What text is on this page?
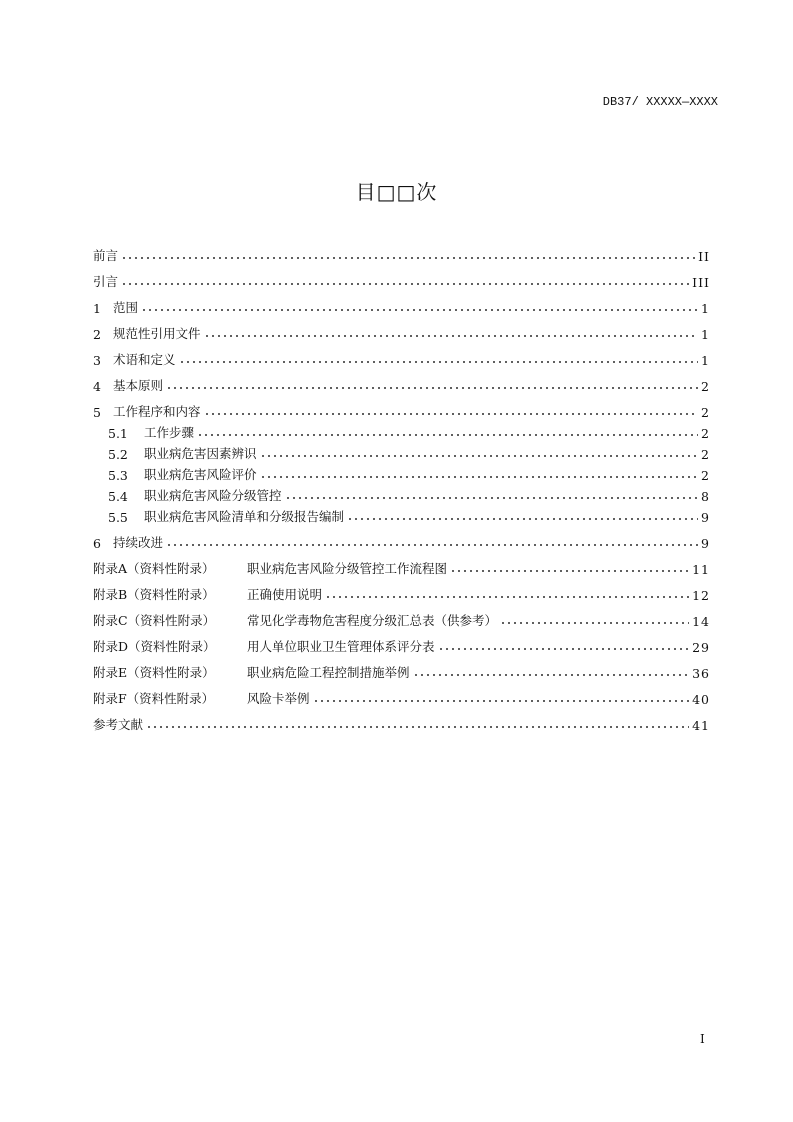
DB37/ XXXXX—XXXX
目□□次
前言	II
引言	III
1 范围	1
2 规范性引用文件	1
3 术语和定义	1
4 基本原则	2
5 工作程序和内容	2
5.1	工作步骤	2
5.2	职业病危害因素辨识	2
5.3	职业病危害风险评价	2
5.4	职业病危害风险分级管控	8
5.5	职业病危害风险清单和分级报告编制	9
6 持续改进	9
附录A（资料性附录）	职业病危害风险分级管控工作流程图	11
附录B（资料性附录）	正确使用说明	12
附录C（资料性附录）	常见化学毒物危害程度分级汇总表（供参考）	14
附录D（资料性附录）	用人单位职业卫生管理体系评分表	29
附录E（资料性附录）	职业病危险工程控制措施举例	36
附录F（资料性附录）	风险卡举例	40
参考文献	41
I
